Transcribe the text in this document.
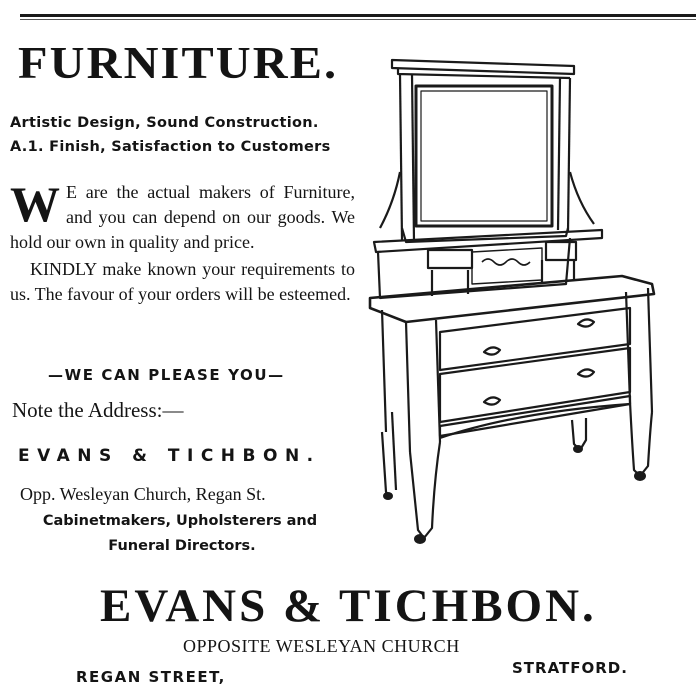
FURNITURE.
Artistic Design, Sound Construction.
A.1. Finish, Satisfaction to Customers
W E are the actual makers of Furniture, and you can depend on our goods. We hold our own in quality and price.
KINDLY make known your requirements to us. The favour of your orders will be esteemed.
—WE CAN PLEASE YOU—
Note the Address:—
EVANS & TICHBON.
Opp. Wesleyan Church, Regan St.
Cabinetmakers, Upholsterers and
Funeral Directors.
EVANS & TICHBON.
OPPOSITE WESLEYAN CHURCH
REGAN STREET,	STRATFORD.
